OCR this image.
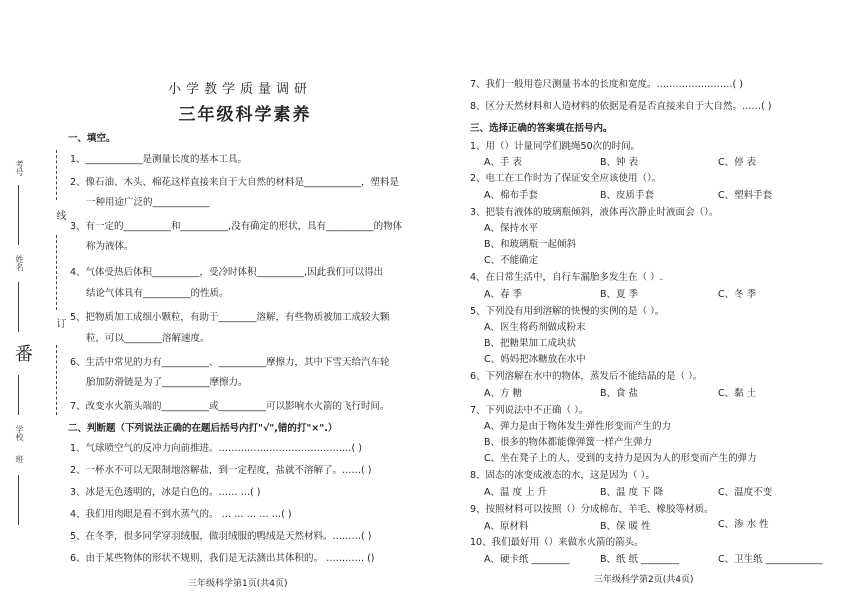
考号
姓名
番
学校
班
线
订
小学教学质量调研
三年级科学素养
一、填空。
1、____________是测量长度的基本工具。
2、像石油、木头、棉花这样直接来自于大自然的材料是____________，塑料是
一种用途广泛的____________
3、有一定的__________和__________,没有确定的形状，具有__________的物体
称为液体。
4、气体受热后体积__________，受冷时体积__________,因此我们可以得出
结论气体具有__________的性质。
5、把物质加工成细小颗粒，有助于________溶解，有些物质被加工成较大颗
粒，可以________溶解速度。
6、生活中常见的力有__________、__________摩擦力，其中下雪天给汽车轮
胎加防滑链是为了__________摩擦力。
7、改变水火箭头端的__________或__________可以影响水火箭的飞行时间。
二、判断题（下列说法正确的在题后括号内打"√",错的打"×".）
1、气球喷空气的反冲力向前推进。……………………………………( )
2、一杯水不可以无限制地溶解盐，到一定程度，盐就不溶解了。……( )
3、冰是无色透明的，冰是白色的。…… …( )
4、我们用肉眼是看不到水蒸气的。 … … … … …( )
5、在冬季，很多同学穿羽绒服，做羽绒服的鸭绒是天然材料。………( )
6、由于某些物体的形状不规则，我们是无法测出其体积的。 ………… ()
三年级科学第1页(共4页)
7、我们一般用卷尺测量书本的长度和宽度。……………………( )
8、区分天然材料和人造材料的依据是看是否直接来自于大自然。……( )
三、选择正确的答案填在括号内。
1、用（）计量同学们跳绳50次的时间。
A、手 表	B、钟 表	C、停 表
2、电工在工作时为了保证安全应该使用（）。
A、棉布手套	B、皮质手套	C、塑料手套
3、把装有液体的玻璃瓶倾斜，液体再次静止时液面会（）。
A、保持水平
B、和玻璃瓶一起倾斜
C、不能确定
4、在日常生活中，自行车漏胎多发生在（ ）.
A、春 季	B、夏 季	C、冬 季
5、下列没有用到溶解的快慢的实例的是（ ）。
A、医生将药剂做成粉末
B、把糖果加工成块状
C、妈妈把冰糖放在水中
6、下列溶解在水中的物体，蒸发后不能结晶的是（ ）。
A、方 糖	B、食 盐	C、黏 土
7、下列说法中不正确（ ）。
A、弹力是由于物体发生弹性形变而产生的力
B、很多的物体都能像弹簧一样产生弹力
C、坐在凳子上的人，受到的支持力是因为人的形变而产生的弹力
8、固态的冰变成液态的水，这是因为（ ）。
A、温 度 上 升	B、温 度 下 降	C、温度不变
9、按照材料可以按照（）分成棉布、羊毛、橡胶等材质。
A、原材料	B、保 暖 性	C、渗 水 性
10、我们最好用（）来做水火箭的箭头。
A、硬卡纸 ________	B、纸 纸 ________	C、卫生纸 ____________
三年级科学第2页(共4页)
